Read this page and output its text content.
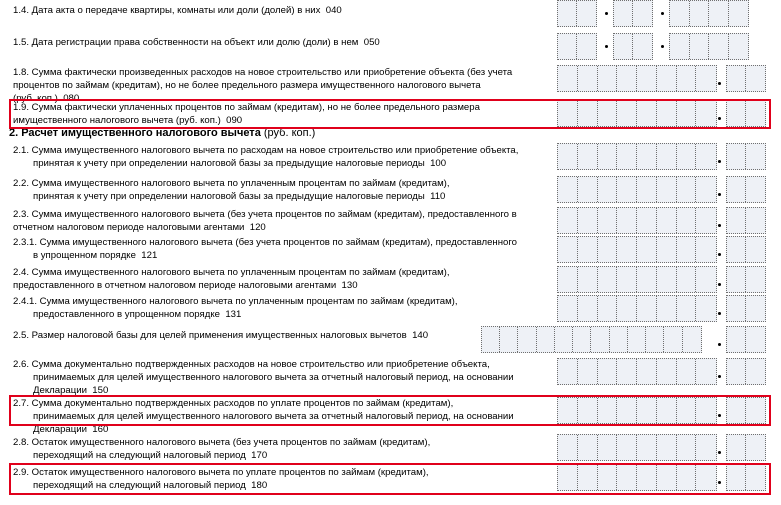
2. Расчет имущественного налогового вычета (руб. коп.)
1.4. Дата акта о передаче квартиры, комнаты или доли (долей) в них  040
1.5. Дата регистрации права собственности на объект или долю (доли) в нем  050
1.8. Сумма фактически произведенных расходов на новое строительство или приобретение объекта (без учета
процентов по займам (кредитам), но не более предельного размера имущественного налогового вычета
(руб. коп.)  080
1.9. Сумма фактически уплаченных процентов по займам (кредитам), но не более предельного размера
имущественного налогового вычета (руб. коп.)  090
2.1. Сумма имущественного налогового вычета по расходам на новое строительство или приобретение объекта,
принятая к учету при определении налоговой базы за предыдущие налоговые периоды  100
2.2. Сумма имущественного налогового вычета по уплаченным процентам по займам (кредитам),
принятая к учету при определении налоговой базы за предыдущие налоговые периоды  110
2.3. Сумма имущественного налогового вычета (без учета процентов по займам (кредитам), предоставленного в
отчетном налоговом периоде налоговыми агентами  120
2.3.1. Сумма имущественного налогового вычета (без учета процентов по займам (кредитам), предоставленного
в упрощенном порядке  121
2.4. Сумма имущественного налогового вычета по уплаченным процентам по займам (кредитам),
предоставленного в отчетном налоговом периоде налоговыми агентами  130
2.4.1. Сумма имущественного налогового вычета по уплаченным процентам по займам (кредитам),
предоставленного в упрощенном порядке  131
2.5. Размер налоговой базы для целей применения имущественных налоговых вычетов  140
2.6. Сумма документально подтвержденных расходов на новое строительство или приобретение объекта,
принимаемых для целей имущественного налогового вычета за отчетный налоговый период, на основании
Декларации  150
2.7. Сумма документально подтвержденных расходов по уплате процентов по займам (кредитам),
принимаемых для целей имущественного налогового вычета за отчетный налоговый период, на основании
Декларации  160
2.8. Остаток имущественного налогового вычета (без учета процентов по займам (кредитам),
переходящий на следующий налоговый период  170
2.9. Остаток имущественного налогового вычета по уплате процентов по займам (кредитам),
переходящий на следующий налоговый период  180
